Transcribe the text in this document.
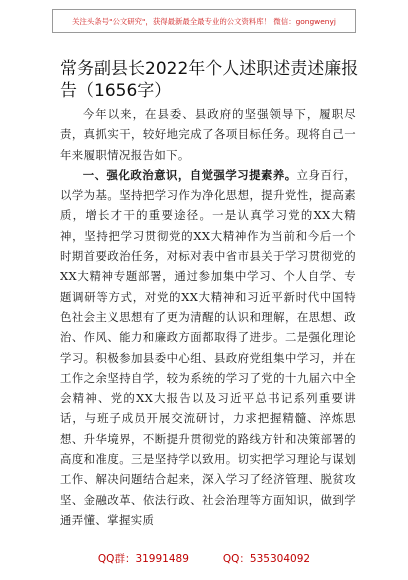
关注头条号"公文研究"，获得最新最全最专业的公文资料库！ 微信：gongwenyj
常务副县长2022年个人述职述责述廉报告（1656字）

今年以来，在县委、县政府的坚强领导下，履职尽责，真抓实干，较好地完成了各项目标任务。现将自己一年来履职情况报告如下。

一、强化政治意识，自觉强学习提素养。立身百行，以学为基。坚持把学习作为净化思想，提升党性，提高素质，增长才干的重要途径。一是认真学习党的XX大精神，坚持把学习贯彻党的XX大精神作为当前和今后一个时期首要政治任务，对标对表中省市县关于学习贯彻党的XX大精神专题部署，通过参加集中学习、个人自学、专题调研等方式，对党的XX大精神和习近平新时代中国特色社会主义思想有了更为清醒的认识和理解，在思想、政治、作风、能力和廉政方面都取得了进步。二是强化理论学习。积极参加县委中心组、县政府党组集中学习，并在工作之余坚持自学，较为系统的学习了党的十九届六中全会精神、党的XX大报告以及习近平总书记系列重要讲话，与班子成员开展交流研讨，力求把握精髓、淬炼思想、升华境界，不断提升贯彻党的路线方针和决策部署的高度和准度。三是坚持学以致用。切实把学习理论与谋划工作、解决问题结合起来，深入学习了经济管理、脱贫攻坚、金融改革、依法行政、社会治理等方面知识，做到学通弄懂、掌握实质

QQ群：31991489	QQ：535304092
